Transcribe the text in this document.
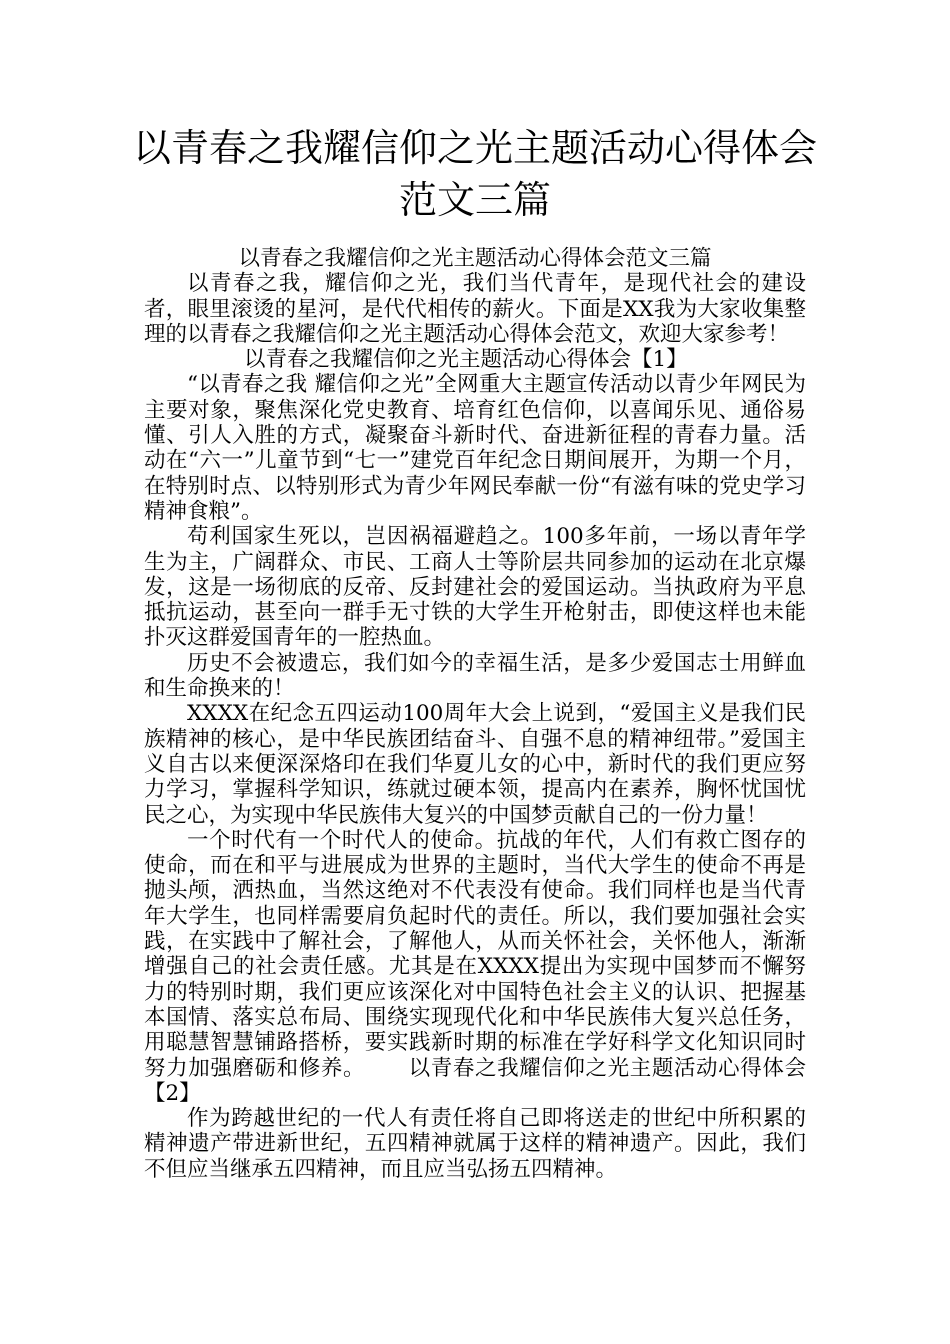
以青春之我耀信仰之光主题活动心得体会
范文三篇

以青春之我耀信仰之光主题活动心得体会范文三篇

以青春之我，耀信仰之光，我们当代青年，是现代社会的建设者，眼里滚烫的星河，是代代相传的薪火。下面是XX我为大家收集整理的以青春之我耀信仰之光主题活动心得体会范文，欢迎大家参考！

以青春之我耀信仰之光主题活动心得体会【1】

“以青春之我 耀信仰之光”全网重大主题宣传活动以青少年网民为主要对象，聚焦深化党史教育、培育红色信仰，以喜闻乐见、通俗易懂、引人入胜的方式，凝聚奋斗新时代、奋进新征程的青春力量。活动在“六一”儿童节到“七一”建党百年纪念日期间展开，为期一个月，在特别时点、以特别形式为青少年网民奉献一份“有滋有味的党史学习精神食粮”。

苟利国家生死以，岂因祸福避趋之。100多年前，一场以青年学生为主，广阔群众、市民、工商人士等阶层共同参加的运动在北京爆发，这是一场彻底的反帝、反封建社会的爱国运动。当执政府为平息抵抗运动，甚至向一群手无寸铁的大学生开枪射击，即使这样也未能扑灭这群爱国青年的一腔热血。

历史不会被遗忘，我们如今的幸福生活，是多少爱国志士用鲜血和生命换来的！

XXXX在纪念五四运动100周年大会上说到，“爱国主义是我们民族精神的核心，是中华民族团结奋斗、自强不息的精神纽带。”爱国主义自古以来便深深烙印在我们华夏儿女的心中，新时代的我们更应努力学习，掌握科学知识，练就过硬本领，提高内在素养，胸怀忧国忧民之心，为实现中华民族伟大复兴的中国梦贡献自己的一份力量！

一个时代有一个时代人的使命。抗战的年代，人们有救亡图存的使命，而在和平与进展成为世界的主题时，当代大学生的使命不再是抛头颅，洒热血，当然这绝对不代表没有使命。我们同样也是当代青年大学生，也同样需要肩负起时代的责任。所以，我们要加强社会实践，在实践中了解社会，了解他人，从而关怀社会，关怀他人，渐渐增强自己的社会责任感。尤其是在XXXX提出为实现中国梦而不懈努力的特别时期，我们更应该深化对中国特色社会主义的认识、把握基本国情、落实总布局、围绕实现现代化和中华民族伟大复兴总任务，用聪慧智慧铺路搭桥，要实践新时期的标准在学好科学文化知识同时努力加强磨砺和修养。   以青春之我耀信仰之光主题活动心得体会【2】

作为跨越世纪的一代人有责任将自己即将送走的世纪中所积累的精神遗产带进新世纪，五四精神就属于这样的精神遗产。因此，我们不但应当继承五四精神，而且应当弘扬五四精神。
